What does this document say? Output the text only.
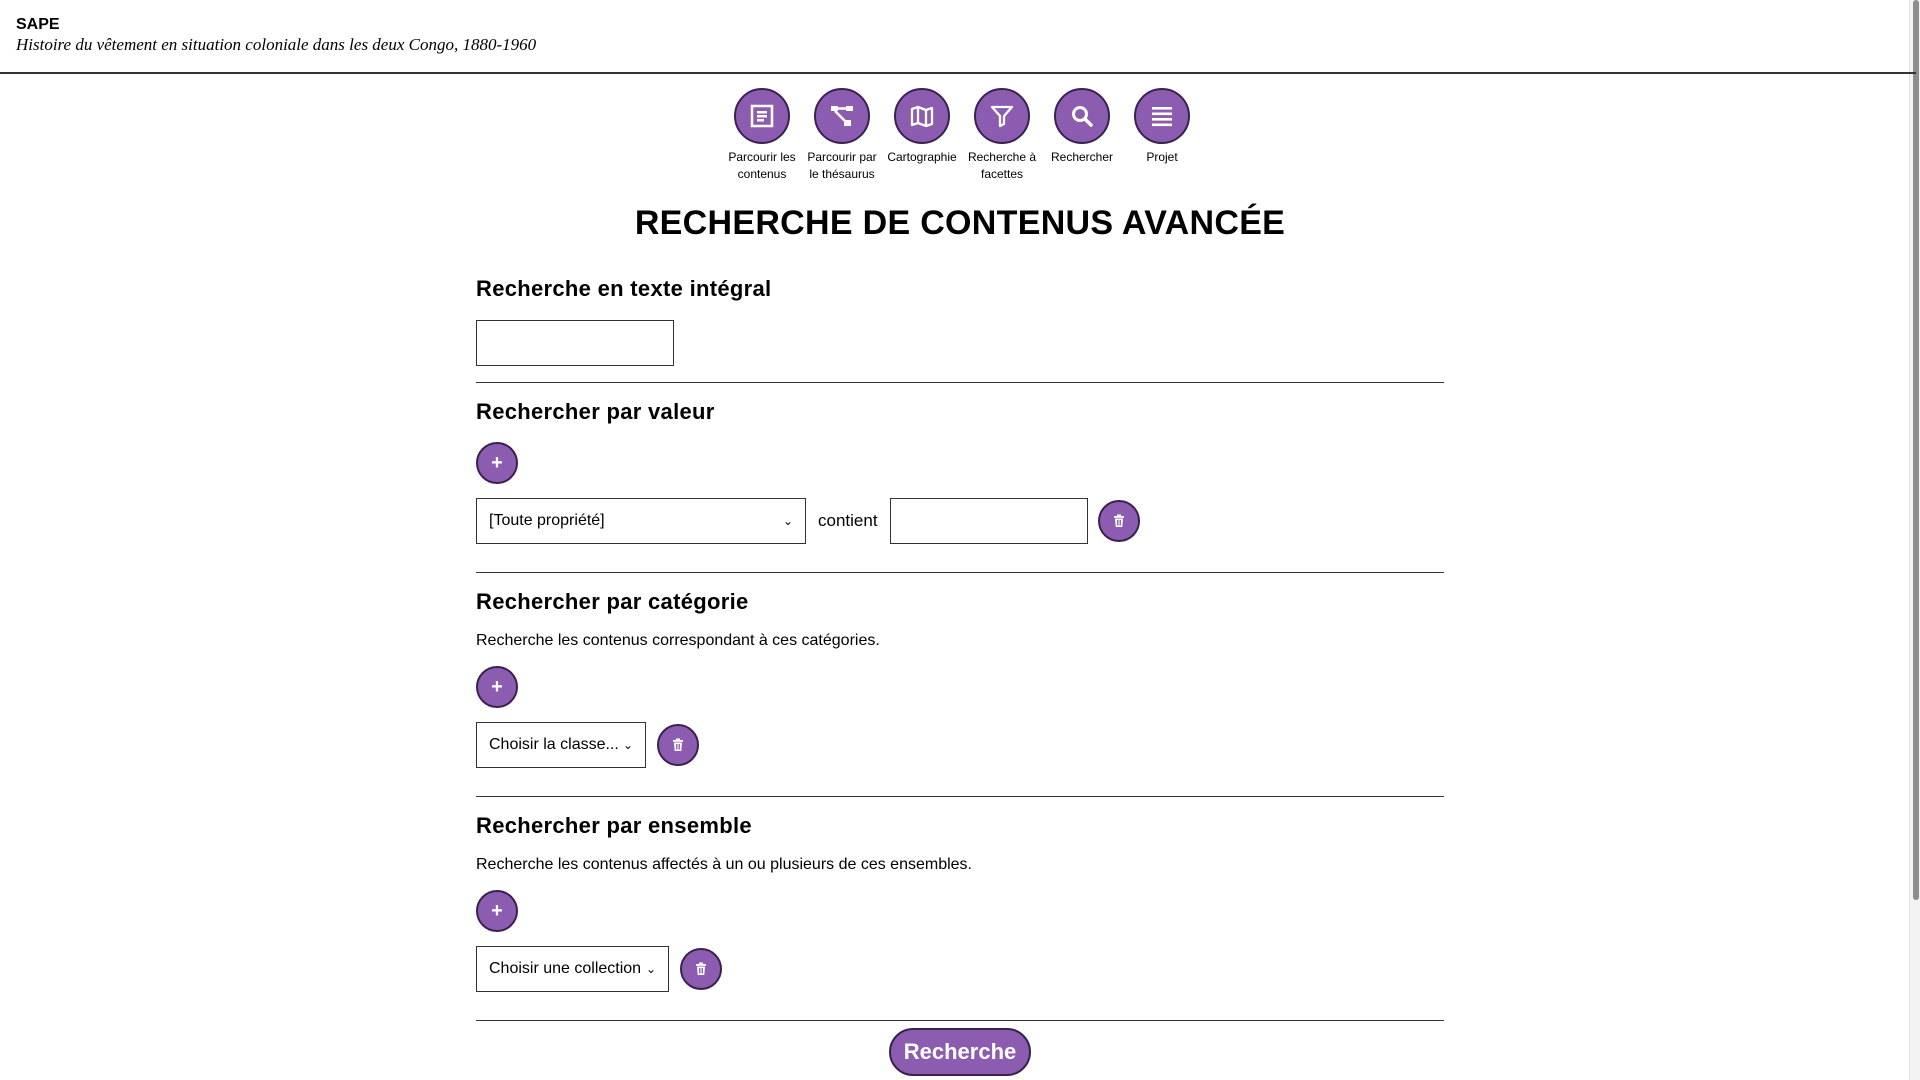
SAPE
Histoire du vêtement en situation coloniale dans les deux Congo, 1880-1960
Parcourir les contenus
Parcourir par le thésaurus
Cartographie Recherche à facettes
Rechercher	Projet
RECHERCHE DE CONTENUS AVANCÉE
Recherche en texte intégral
Rechercher par valeur
+
[Toute propriété]	⌄ contient
Rechercher par catégorie
Recherche les contenus correspondant à ces catégories.
+
Choisir la classe... ⌄
Rechercher par ensemble
Recherche les contenus affectés à un ou plusieurs de ces ensembles.
+
Choisir une collection ⌄
Recherche
